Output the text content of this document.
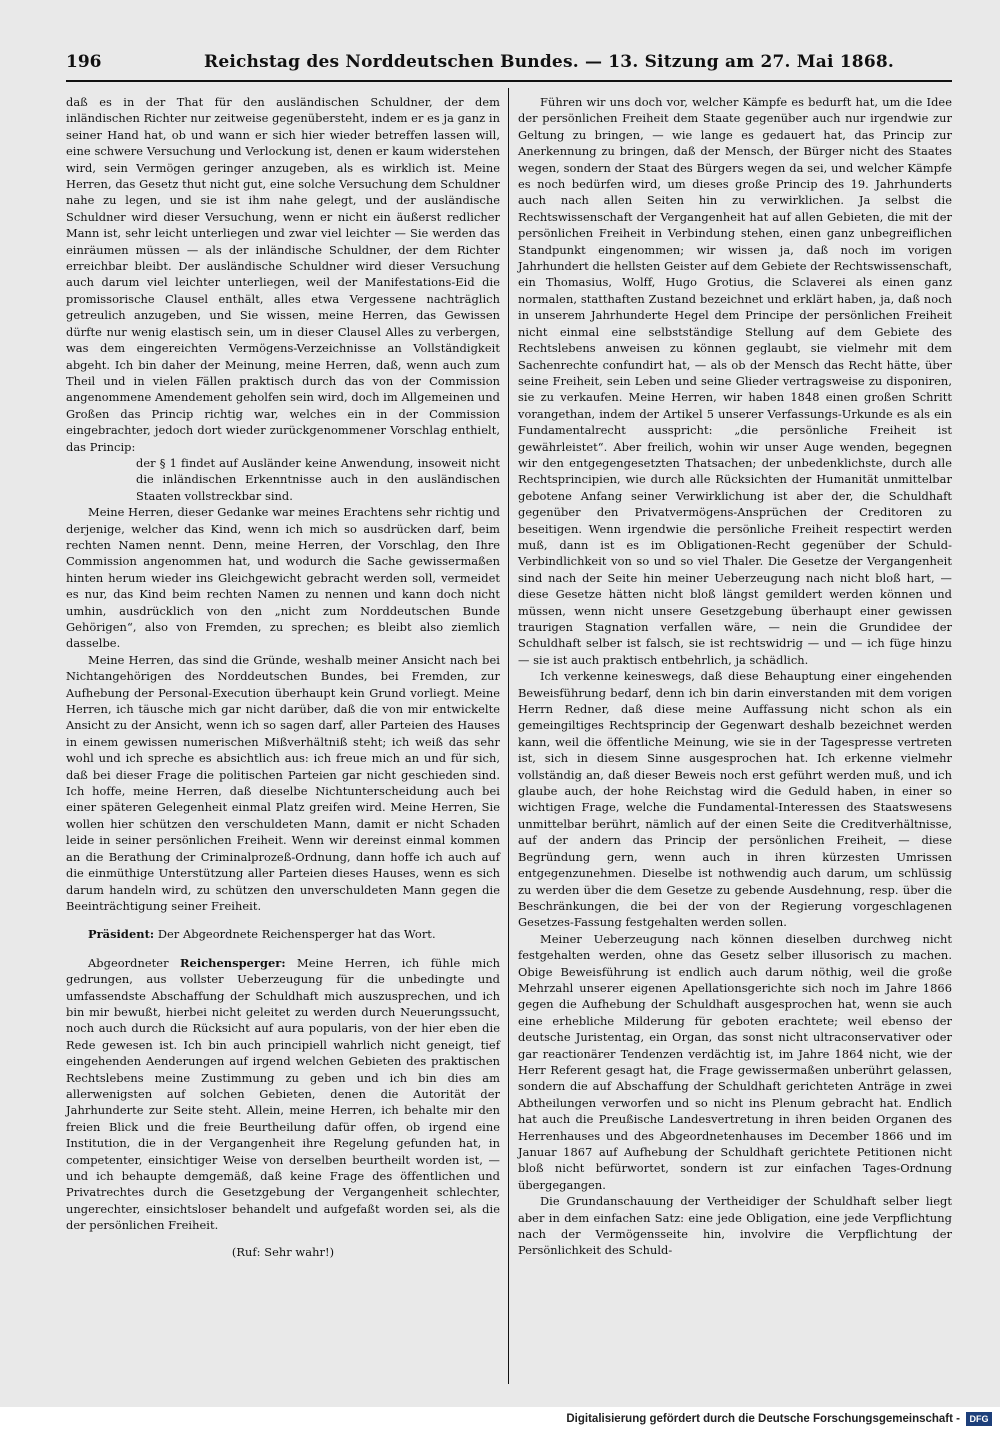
196	Reichstag des Norddeutschen Bundes. — 13. Sitzung am 27. Mai 1868.

daß es in der That für den ausländischen Schuldner, der dem inländischen Richter nur zeitweise gegenübersteht, indem er es ja ganz in seiner Hand hat, ob und wann er sich hier wieder betreffen lassen will, eine schwere Versuchung und Verlockung ist, denen er kaum widerstehen wird, sein Vermögen geringer anzugeben, als es wirklich ist. Meine Herren, das Gesetz thut nicht gut, eine solche Versuchung dem Schuldner nahe zu legen, und sie ist ihm nahe gelegt, und der ausländische Schuldner wird dieser Versuchung, wenn er nicht ein äußerst redlicher Mann ist, sehr leicht unterliegen und zwar viel leichter — Sie werden das einräumen müssen — als der inländische Schuldner, der dem Richter erreichbar bleibt. Der ausländische Schuldner wird dieser Versuchung auch darum viel leichter unterliegen, weil der Manifestations-Eid die promissorische Clausel enthält, alles etwa Vergessene nachträglich getreulich anzugeben, und Sie wissen, meine Herren, das Gewissen dürfte nur wenig elastisch sein, um in dieser Clausel Alles zu verbergen, was dem eingereichten Vermögens-Verzeichnisse an Vollständigkeit abgeht. Ich bin daher der Meinung, meine Herren, daß, wenn auch zum Theil und in vielen Fällen praktisch durch das von der Commission angenommene Amendement geholfen sein wird, doch im Allgemeinen und Großen das Princip richtig war, welches ein in der Commission eingebrachter, jedoch dort wieder zurückgenommener Vorschlag enthielt, das Princip:

der § 1 findet auf Ausländer keine Anwendung, insoweit nicht die inländischen Erkenntnisse auch in den ausländischen Staaten vollstreckbar sind.

Meine Herren, dieser Gedanke war meines Erachtens sehr richtig und derjenige, welcher das Kind, wenn ich mich so ausdrücken darf, beim rechten Namen nennt. Denn, meine Herren, der Vorschlag, den Ihre Commission angenommen hat, und wodurch die Sache gewissermaßen hinten herum wieder ins Gleichgewicht gebracht werden soll, vermeidet es nur, das Kind beim rechten Namen zu nennen und kann doch nicht umhin, ausdrücklich von den „nicht zum Norddeutschen Bunde Gehörigen“, also von Fremden, zu sprechen; es bleibt also ziemlich dasselbe.

Meine Herren, das sind die Gründe, weshalb meiner Ansicht nach bei Nichtangehörigen des Norddeutschen Bundes, bei Fremden, zur Aufhebung der Personal-Execution überhaupt kein Grund vorliegt. Meine Herren, ich täusche mich gar nicht darüber, daß die von mir entwickelte Ansicht zu der Ansicht, wenn ich so sagen darf, aller Parteien des Hauses in einem gewissen numerischen Mißverhältniß steht; ich weiß das sehr wohl und ich spreche es absichtlich aus: ich freue mich an und für sich, daß bei dieser Frage die politischen Parteien gar nicht geschieden sind. Ich hoffe, meine Herren, daß dieselbe Nichtunterscheidung auch bei einer späteren Gelegenheit einmal Platz greifen wird. Meine Herren, Sie wollen hier schützen den verschuldeten Mann, damit er nicht Schaden leide in seiner persönlichen Freiheit. Wenn wir dereinst einmal kommen an die Berathung der Criminalprozeß-Ordnung, dann hoffe ich auch auf die einmüthige Unterstützung aller Parteien dieses Hauses, wenn es sich darum handeln wird, zu schützen den unverschuldeten Mann gegen die Beeinträchtigung seiner Freiheit.

Präsident: Der Abgeordnete Reichensperger hat das Wort.

Abgeordneter Reichensperger: Meine Herren, ich fühle mich gedrungen, aus vollster Ueberzeugung für die unbedingte und umfassendste Abschaffung der Schuldhaft mich auszusprechen, und ich bin mir bewußt, hierbei nicht geleitet zu werden durch Neuerungssucht, noch auch durch die Rücksicht auf aura popularis, von der hier eben die Rede gewesen ist. Ich bin auch principiell wahrlich nicht geneigt, tief eingehenden Aenderungen auf irgend welchen Gebieten des praktischen Rechtslebens meine Zustimmung zu geben und ich bin dies am allerwenigsten auf solchen Gebieten, denen die Autorität der Jahrhunderte zur Seite steht. Allein, meine Herren, ich behalte mir den freien Blick und die freie Beurtheilung dafür offen, ob irgend eine Institution, die in der Vergangenheit ihre Regelung gefunden hat, in competenter, einsichtiger Weise von derselben beurtheilt worden ist, — und ich behaupte demgemäß, daß keine Frage des öffentlichen und Privatrechtes durch die Gesetzgebung der Vergangenheit schlechter, ungerechter, einsichtsloser behandelt und aufgefaßt worden sei, als die der persönlichen Freiheit.

(Ruf: Sehr wahr!)

Führen wir uns doch vor, welcher Kämpfe es bedurft hat, um die Idee der persönlichen Freiheit dem Staate gegenüber auch nur irgendwie zur Geltung zu bringen, — wie lange es gedauert hat, das Princip zur Anerkennung zu bringen, daß der Mensch, der Bürger nicht des Staates wegen, sondern der Staat des Bürgers wegen da sei, und welcher Kämpfe es noch bedürfen wird, um dieses große Princip des 19. Jahrhunderts auch nach allen Seiten hin zu verwirklichen. Ja selbst die Rechtswissenschaft der Vergangenheit hat auf allen Gebieten, die mit der persönlichen Freiheit in Verbindung stehen, einen ganz unbegreiflichen Standpunkt eingenommen; wir wissen ja, daß noch im vorigen Jahrhundert die hellsten Geister auf dem Gebiete der Rechtswissenschaft, ein Thomasius, Wolff, Hugo Grotius, die Sclaverei als einen ganz normalen, statthaften Zustand bezeichnet und erklärt haben, ja, daß noch in unserem Jahrhunderte Hegel dem Principe der persönlichen Freiheit nicht einmal eine selbstständige Stellung auf dem Gebiete des Rechtslebens anweisen zu können geglaubt, sie vielmehr mit dem Sachenrechte confundirt hat, — als ob der Mensch das Recht hätte, über seine Freiheit, sein Leben und seine Glieder vertragsweise zu disponiren, sie zu verkaufen. Meine Herren, wir haben 1848 einen großen Schritt vorangethan, indem der Artikel 5 unserer Verfassungs-Urkunde es als ein Fundamentalrecht ausspricht: „die persönliche Freiheit ist gewährleistet“. Aber freilich, wohin wir unser Auge wenden, begegnen wir den entgegengesetzten Thatsachen; der unbedenklichste, durch alle Rechtsprincipien, wie durch alle Rücksichten der Humanität unmittelbar gebotene Anfang seiner Verwirklichung ist aber der, die Schuldhaft gegenüber den Privatvermögens-Ansprüchen der Creditoren zu beseitigen. Wenn irgendwie die persönliche Freiheit respectirt werden muß, dann ist es im Obligationen-Recht gegenüber der Schuld-Verbindlichkeit von so und so viel Thaler. Die Gesetze der Vergangenheit sind nach der Seite hin meiner Ueberzeugung nach nicht bloß hart, — diese Gesetze hätten nicht bloß längst gemildert werden können und müssen, wenn nicht unsere Gesetzgebung überhaupt einer gewissen traurigen Stagnation verfallen wäre, — nein die Grundidee der Schuldhaft selber ist falsch, sie ist rechtswidrig — und — ich füge hinzu — sie ist auch praktisch entbehrlich, ja schädlich.

Ich verkenne keineswegs, daß diese Behauptung einer eingehenden Beweisführung bedarf, denn ich bin darin einverstanden mit dem vorigen Herrn Redner, daß diese meine Auffassung nicht schon als ein gemeingiltiges Rechtsprincip der Gegenwart deshalb bezeichnet werden kann, weil die öffentliche Meinung, wie sie in der Tagespresse vertreten ist, sich in diesem Sinne ausgesprochen hat. Ich erkenne vielmehr vollständig an, daß dieser Beweis noch erst geführt werden muß, und ich glaube auch, der hohe Reichstag wird die Geduld haben, in einer so wichtigen Frage, welche die Fundamental-Interessen des Staatswesens unmittelbar berührt, nämlich auf der einen Seite die Creditverhältnisse, auf der andern das Princip der persönlichen Freiheit, — diese Begründung gern, wenn auch in ihren kürzesten Umrissen entgegenzunehmen. Dieselbe ist nothwendig auch darum, um schlüssig zu werden über die dem Gesetze zu gebende Ausdehnung, resp. über die Beschränkungen, die bei der von der Regierung vorgeschlagenen Gesetzes-Fassung festgehalten werden sollen.

Meiner Ueberzeugung nach können dieselben durchweg nicht festgehalten werden, ohne das Gesetz selber illusorisch zu machen. Obige Beweisführung ist endlich auch darum nöthig, weil die große Mehrzahl unserer eigenen Apellationsgerichte sich noch im Jahre 1866 gegen die Aufhebung der Schuldhaft ausgesprochen hat, wenn sie auch eine erhebliche Milderung für geboten erachtete; weil ebenso der deutsche Juristentag, ein Organ, das sonst nicht ultraconservativer oder gar reactionärer Tendenzen verdächtig ist, im Jahre 1864 nicht, wie der Herr Referent gesagt hat, die Frage gewissermaßen unberührt gelassen, sondern die auf Abschaffung der Schuldhaft gerichteten Anträge in zwei Abtheilungen verworfen und so nicht ins Plenum gebracht hat. Endlich hat auch die Preußische Landesvertretung in ihren beiden Organen des Herrenhauses und des Abgeordnetenhauses im December 1866 und im Januar 1867 auf Aufhebung der Schuldhaft gerichtete Petitionen nicht bloß nicht befürwortet, sondern ist zur einfachen Tages-Ordnung übergegangen.

Die Grundanschauung der Vertheidiger der Schuldhaft selber liegt aber in dem einfachen Satz: eine jede Obligation, eine jede Verpflichtung nach der Vermögensseite hin, involvire die Verpflichtung der Persönlichkeit des Schuld-

Digitalisierung gefördert durch die Deutsche Forschungsgemeinschaft -	DFG
